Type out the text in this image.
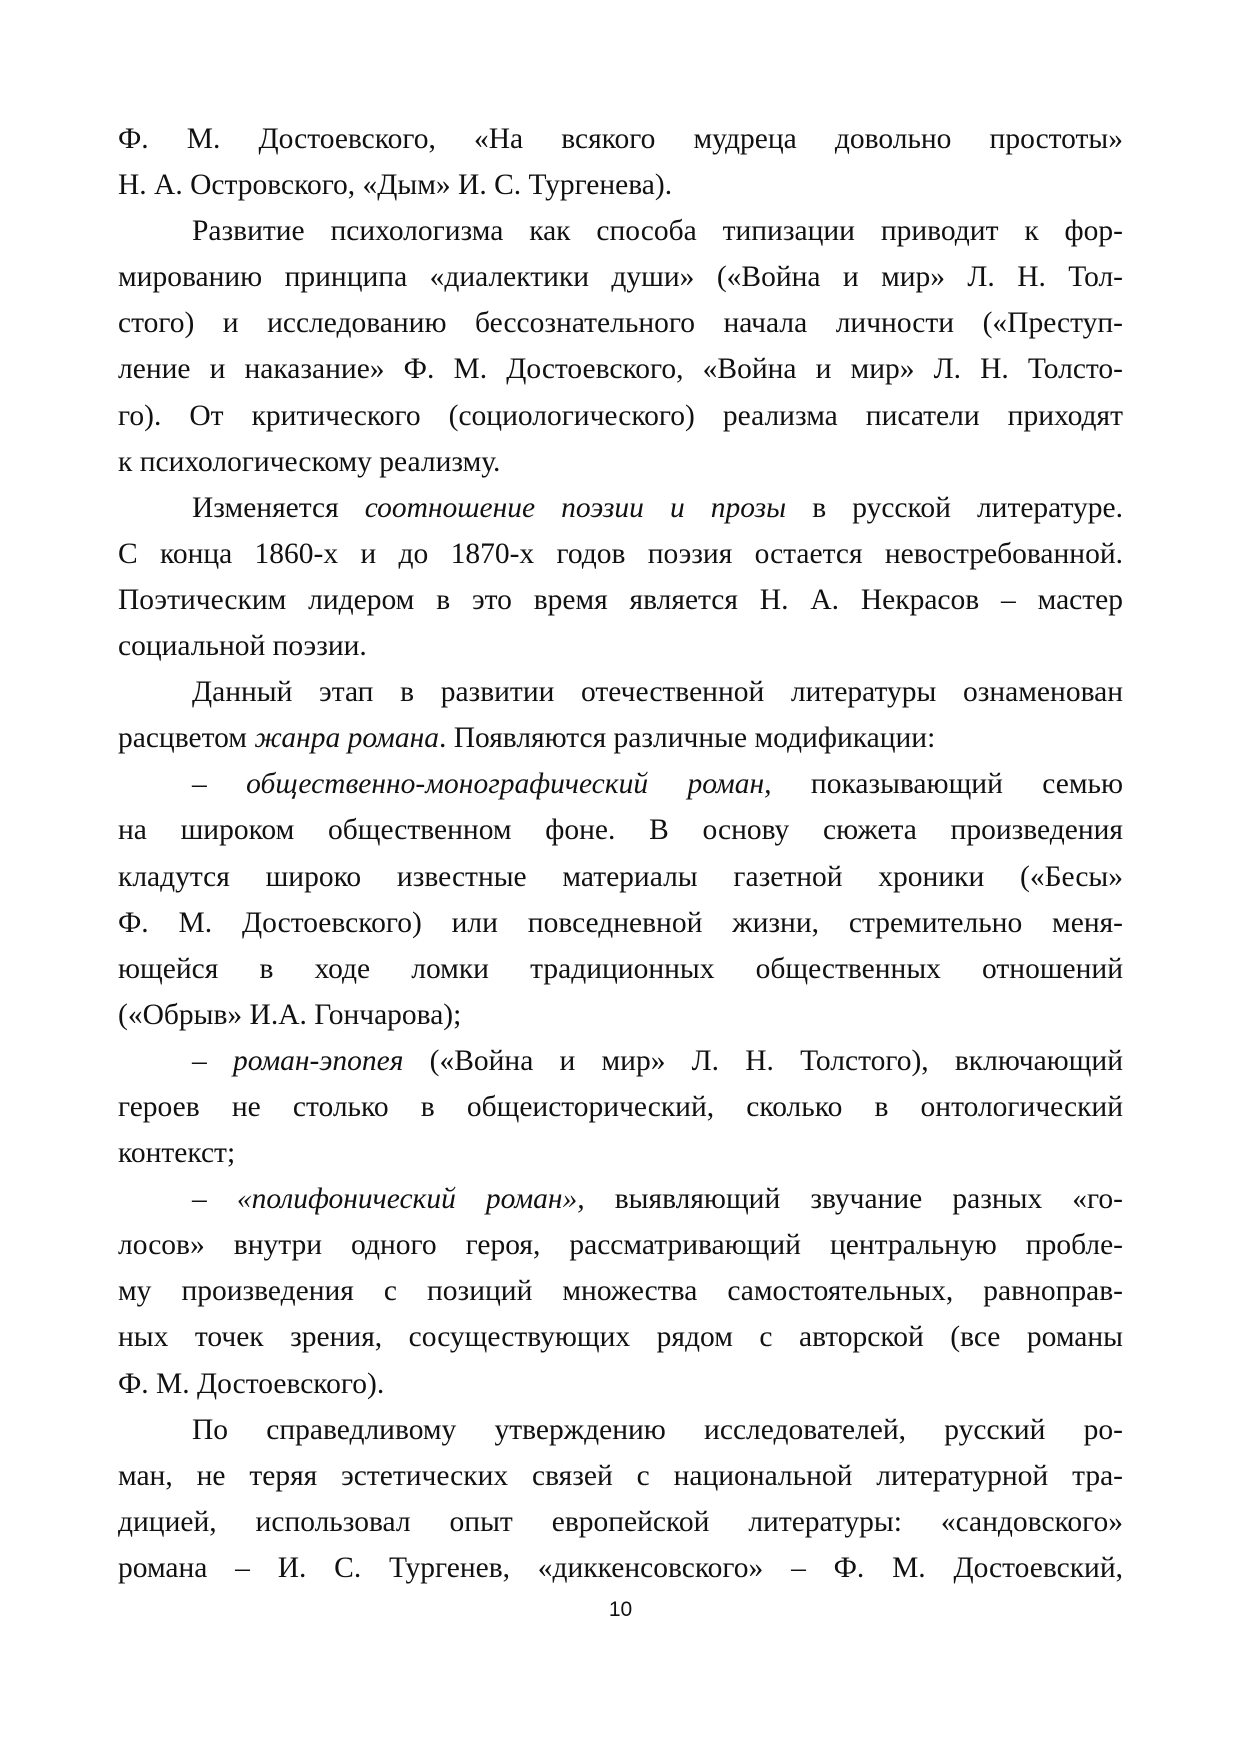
Ф. М. Достоевского, «На всякого мудреца довольно простоты»
Н. А. Островского, «Дым» И. С. Тургенева).
Развитие психологизма как способа типизации приводит к фор-
мированию принципа «диалектики души» («Война и мир» Л. Н. Тол-
стого) и исследованию бессознательного начала личности («Преступ-
ление и наказание» Ф. М. Достоевского, «Война и мир» Л. Н. Толсто-
го). От критического (социологического) реализма писатели приходят
к психологическому реализму.
Изменяется соотношение поэзии и прозы в русской литературе.
С конца 1860-х и до 1870-х годов поэзия остается невостребованной.
Поэтическим лидером в это время является Н. А. Некрасов – мастер
социальной поэзии.
Данный этап в развитии отечественной литературы ознаменован
расцветом жанра романа. Появляются различные модификации:
– общественно-монографический роман, показывающий семью
на широком общественном фоне. В основу сюжета произведения
кладутся широко известные материалы газетной хроники («Бесы»
Ф. М. Достоевского) или повседневной жизни, стремительно меня-
ющейся в ходе ломки традиционных общественных отношений
(«Обрыв» И.А. Гончарова);
– роман-эпопея («Война и мир» Л. Н. Толстого), включающий
героев не столько в общеисторический, сколько в онтологический
контекст;
– «полифонический роман», выявляющий звучание разных «го-
лосов» внутри одного героя, рассматривающий центральную пробле-
му произведения с позиций множества самостоятельных, равноправ-
ных точек зрения, сосуществующих рядом с авторской (все романы
Ф. М. Достоевского).
По справедливому утверждению исследователей, русский ро-
ман, не теряя эстетических связей с национальной литературной тра-
дицией, использовал опыт европейской литературы: «сандовского»
романа – И. С. Тургенев, «диккенсовского» – Ф. М. Достоевский,
10
